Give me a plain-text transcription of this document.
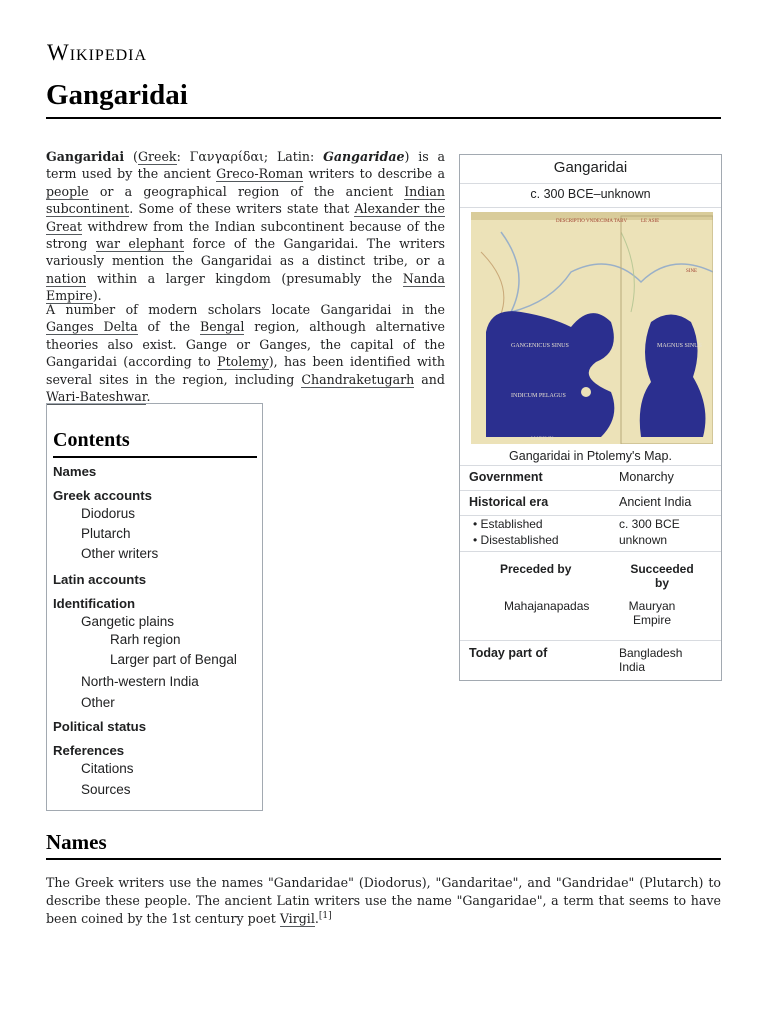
Wikipedia
Gangaridai
Gangaridai (Greek: Γανγαρίδαι; Latin: Gangaridae) is a term used by the ancient Greco-Roman writers to describe a people or a geographical region of the ancient Indian subcontinent. Some of these writers state that Alexander the Great withdrew from the Indian subcontinent because of the strong war elephant force of the Gangaridai. The writers variously mention the Gangaridai as a distinct tribe, or a nation within a larger kingdom (presumably the Nanda Empire).
A number of modern scholars locate Gangaridai in the Ganges Delta of the Bengal region, although alternative theories also exist. Gange or Ganges, the capital of the Gangaridai (according to Ptolemy), has been identified with several sites in the region, including Chandraketugarh and Wari-Bateshwar.
Gangaridai
c. 300 BCE–unknown
DESCRIPTIO VNDECIMA TABV	LE ASIE
GANGENICUS SINUS	MAGNUS SINUS
INDICUM PELAGUS
SINE
MARIS IN
Gangaridai in Ptolemy's Map.
Government	Monarchy
Historical era	Ancient India
• Established	c. 300 BCE
• Disestablished	unknown
Preceded by	Succeeded by
Mahajanapadas	Mauryan Empire
Today part of	Bangladesh
India
Contents
Names
Greek accounts
Diodorus
Plutarch
Other writers
Latin accounts
Identification
Gangetic plains
Rarh region
Larger part of Bengal
North-western India
Other
Political status
References
Citations
Sources
Names
The Greek writers use the names "Gandaridae" (Diodorus), "Gandaritae", and "Gandridae" (Plutarch) to describe these people. The ancient Latin writers use the name "Gangaridae", a term that seems to have been coined by the 1st century poet Virgil.[1]
